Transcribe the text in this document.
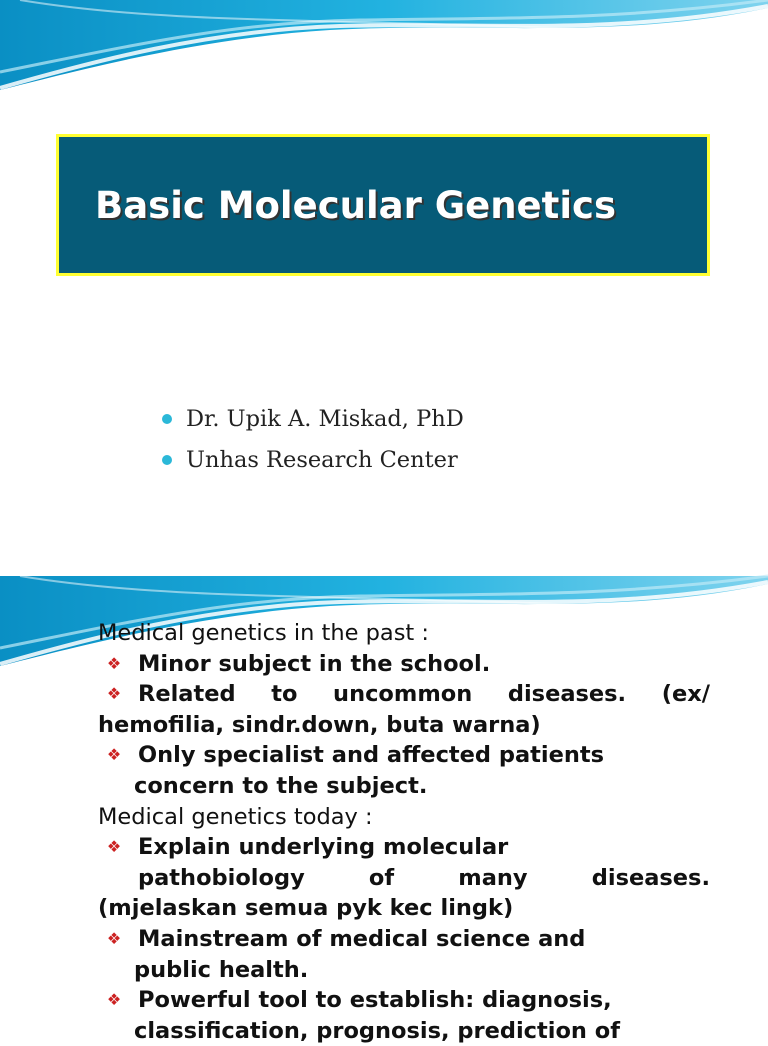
Basic Molecular Genetics
Dr. Upik A. Miskad, PhD
Unhas Research Center
Medical genetics in the past :
❖ Minor subject in the school.
❖ Related to uncommon diseases. (ex/
hemofilia, sindr.down, buta warna)
❖ Only specialist and affected patients
concern to the subject.
Medical genetics today :
❖ Explain underlying molecular
pathobiology	of	many	diseases.
(mjelaskan semua pyk kec lingk)
❖ Mainstream of medical science and
public health.
❖ Powerful tool to establish: diagnosis,
classification, prognosis, prediction of
